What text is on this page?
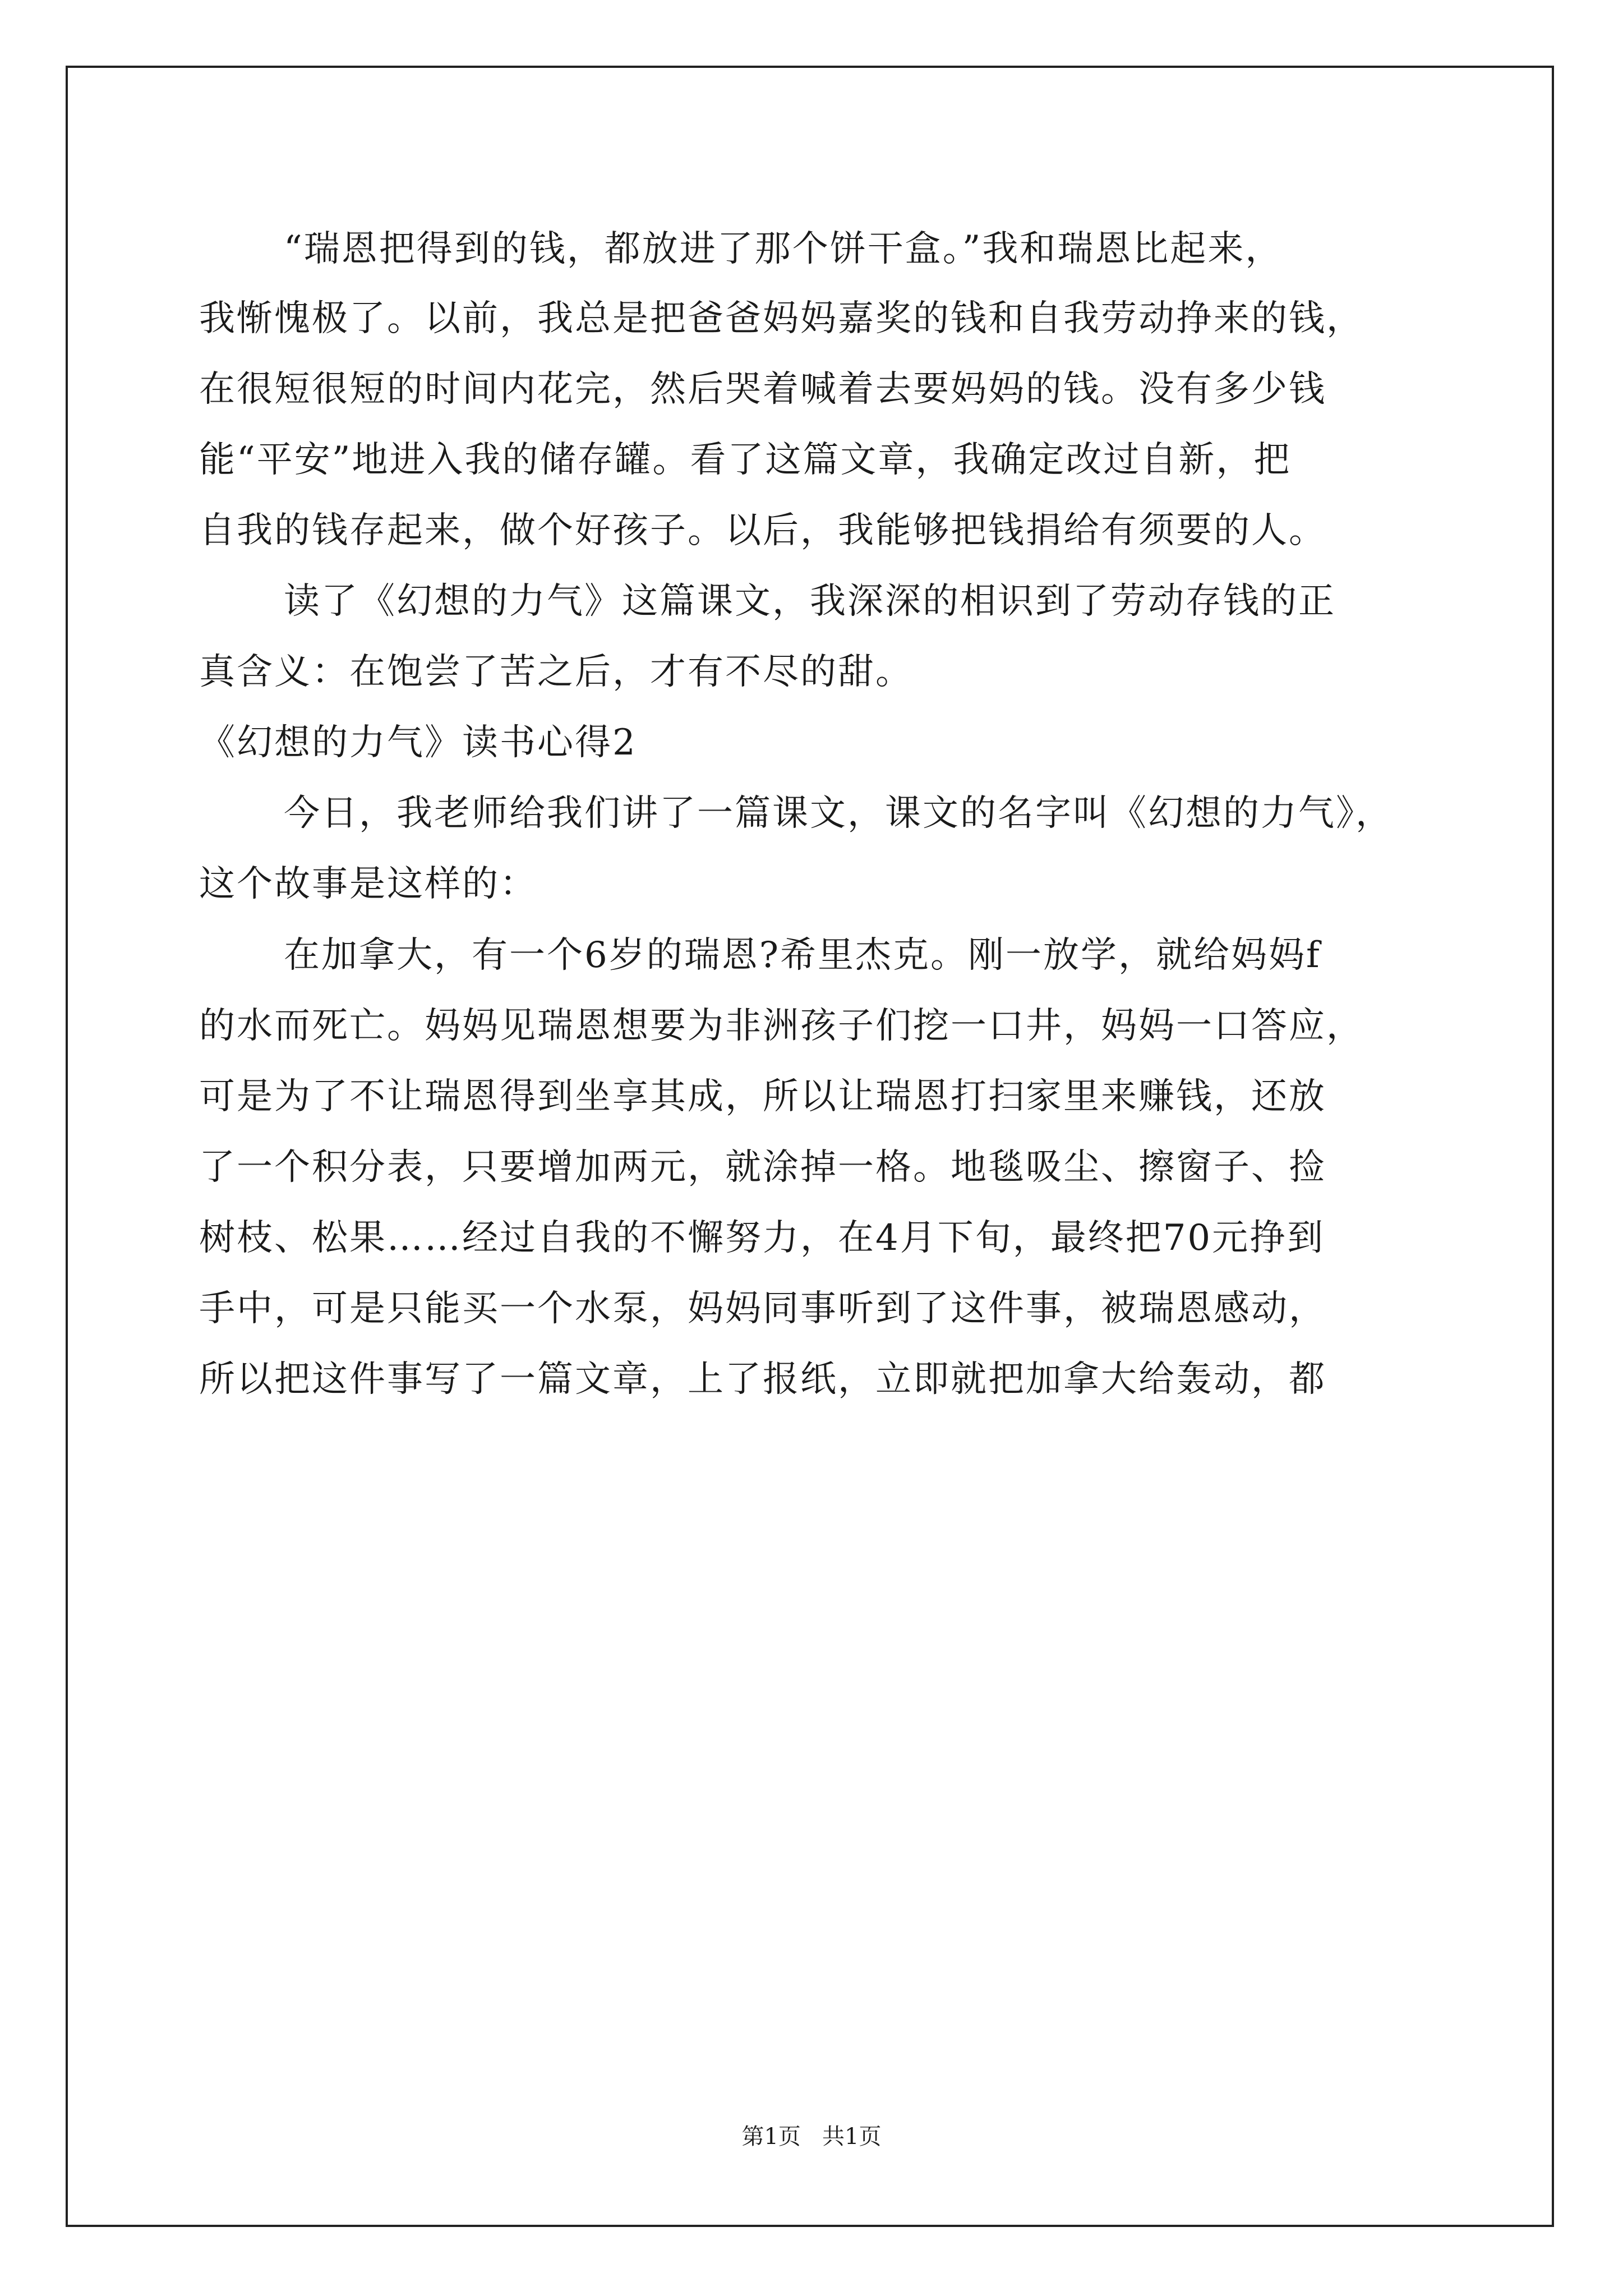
“瑞恩把得到的钱，都放进了那个饼干盒。”我和瑞恩比起来，
我惭愧极了。以前，我总是把爸爸妈妈嘉奖的钱和自我劳动挣来的钱，
在很短很短的时间内花完，然后哭着喊着去要妈妈的钱。没有多少钱
能“平安”地进入我的储存罐。看了这篇文章，我确定改过自新，把
自我的钱存起来，做个好孩子。以后，我能够把钱捐给有须要的人。
读了《幻想的力气》这篇课文，我深深的相识到了劳动存钱的正
真含义：在饱尝了苦之后，才有不尽的甜。
《幻想的力气》读书心得2
今日，我老师给我们讲了一篇课文，课文的名字叫《幻想的力气》，
这个故事是这样的：
在加拿大，有一个6岁的瑞恩?希里杰克。刚一放学，就给妈妈f
的水而死亡。妈妈见瑞恩想要为非洲孩子们挖一口井，妈妈一口答应，
可是为了不让瑞恩得到坐享其成，所以让瑞恩打扫家里来赚钱，还放
了一个积分表，只要增加两元，就涂掉一格。地毯吸尘、擦窗子、捡
树枝、松果……经过自我的不懈努力，在4月下旬，最终把70元挣到
手中，可是只能买一个水泵，妈妈同事听到了这件事，被瑞恩感动，
所以把这件事写了一篇文章，上了报纸，立即就把加拿大给轰动，都
第1页   共1页
